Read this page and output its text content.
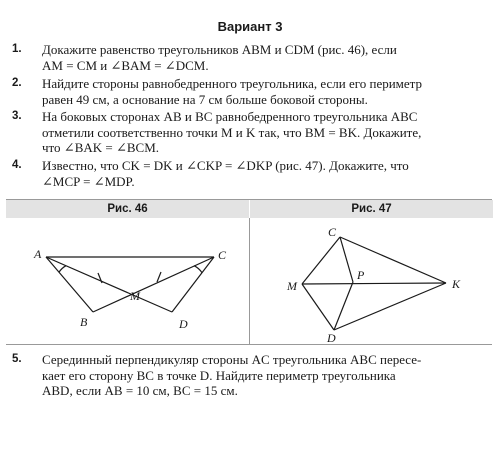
Вариант 3
1. Докажите равенство треугольников ABM и CDM (рис. 46), если
AM = CM и ∠BAM = ∠DCM.
2. Найдите стороны равнобедренного треугольника, если его периметр
равен 49 см, а основание на 7 см больше боковой стороны.
3. На боковых сторонах AB и BC равнобедренного треугольника ABC
отметили соответственно точки M и K так, что BM = BK. Докажите,
что ∠BAK = ∠BCM.
4. Известно, что CK = DK и ∠CKP = ∠DKP (рис. 47). Докажите, что
∠MCP = ∠MDP.
Рис. 46	Рис. 47
A	C
M
B	D
C
M
P
K
D
5. Серединный перпендикуляр стороны AC треугольника ABC пересе-
кает его сторону BC в точке D. Найдите периметр треугольника
ABD, если AB = 10 см, BC = 15 см.
